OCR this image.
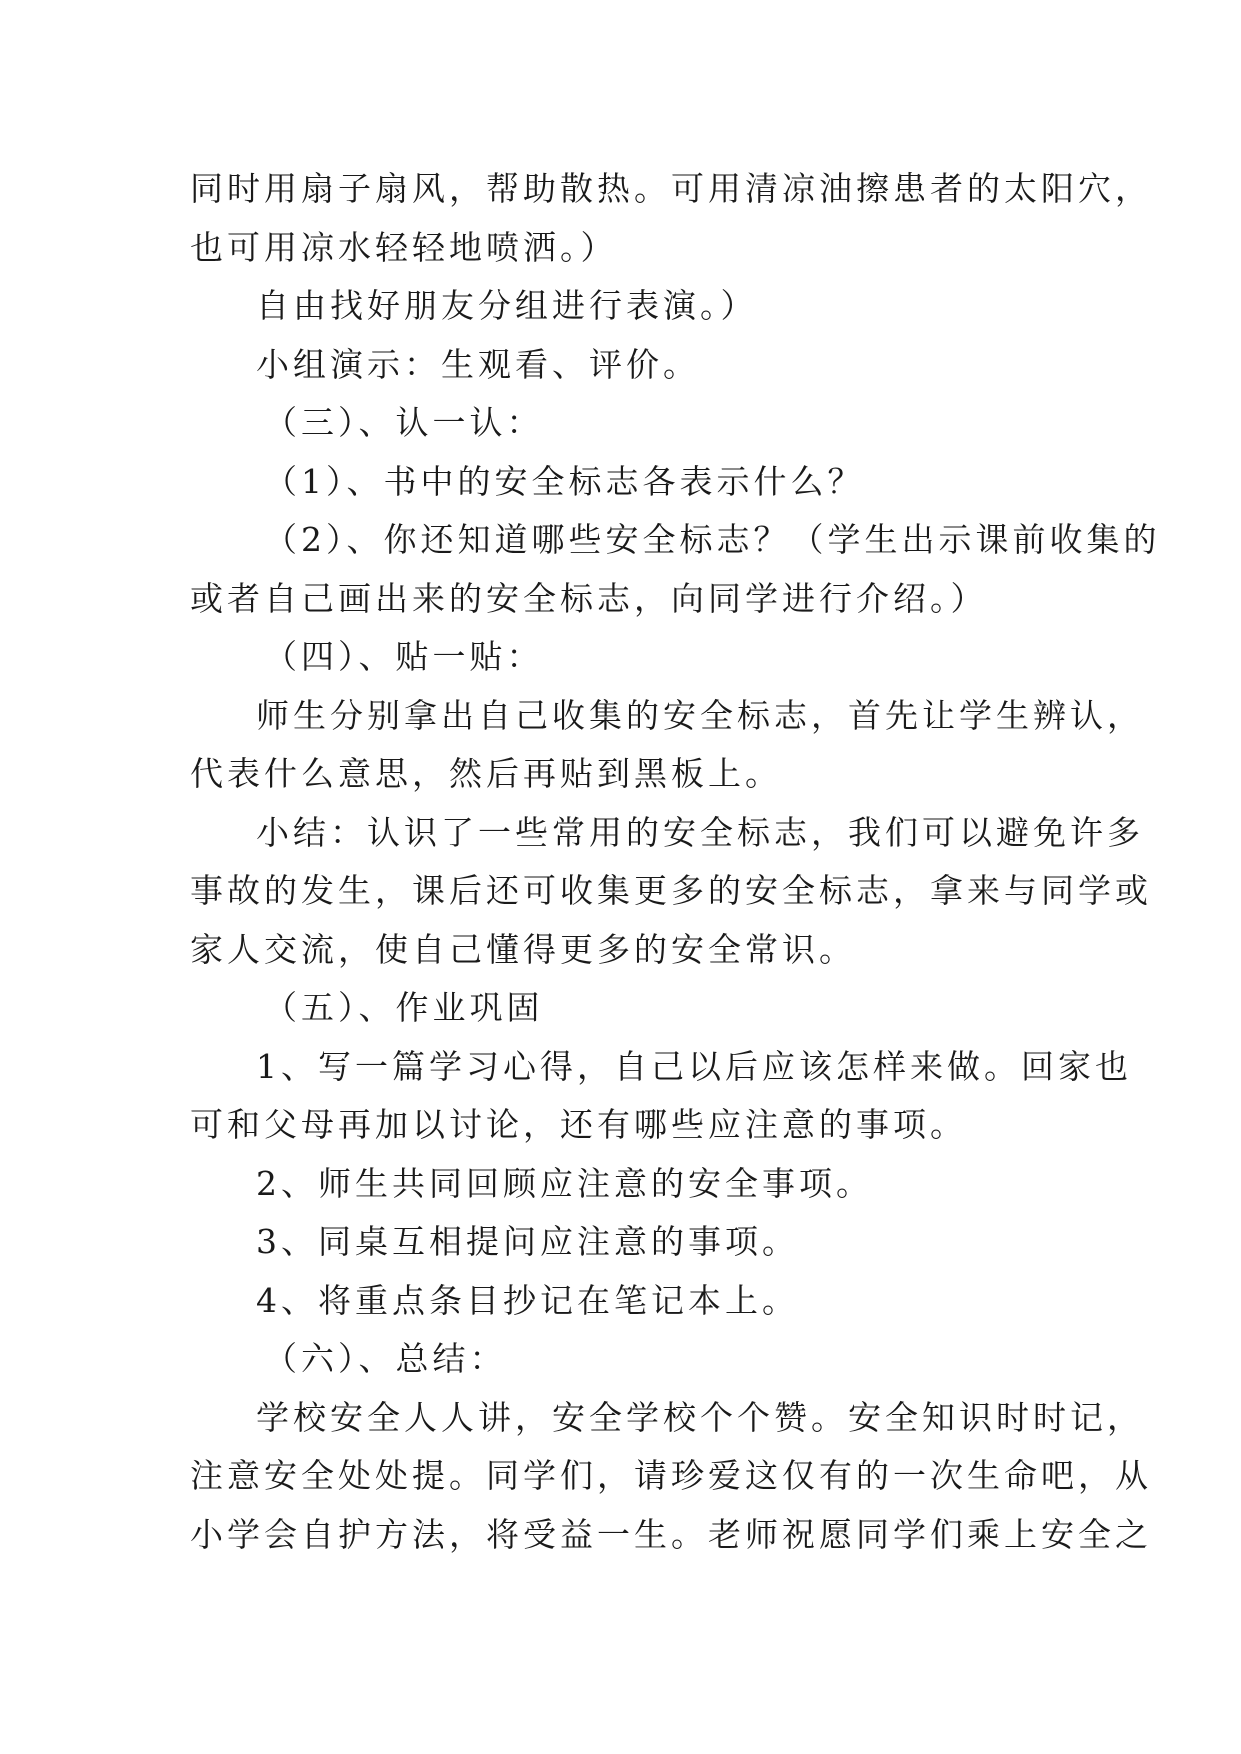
同时用扇子扇风，帮助散热。可用清凉油擦患者的太阳穴，
也可用凉水轻轻地喷洒。）
自由找好朋友分组进行表演。）
小组演示：生观看、评价。
（三）、认一认：
（1）、书中的安全标志各表示什么？
（2）、你还知道哪些安全标志？（学生出示课前收集的
或者自己画出来的安全标志，向同学进行介绍。）
（四）、贴一贴：
师生分别拿出自己收集的安全标志，首先让学生辨认，
代表什么意思，然后再贴到黑板上。
小结：认识了一些常用的安全标志，我们可以避免许多
事故的发生，课后还可收集更多的安全标志，拿来与同学或
家人交流，使自己懂得更多的安全常识。
（五）、作业巩固
1、写一篇学习心得，自己以后应该怎样来做。回家也
可和父母再加以讨论，还有哪些应注意的事项。
2、师生共同回顾应注意的安全事项。
3、同桌互相提问应注意的事项。
4、将重点条目抄记在笔记本上。
（六）、总结：
学校安全人人讲，安全学校个个赞。安全知识时时记，
注意安全处处提。同学们，请珍爱这仅有的一次生命吧，从
小学会自护方法，将受益一生。老师祝愿同学们乘上安全之
